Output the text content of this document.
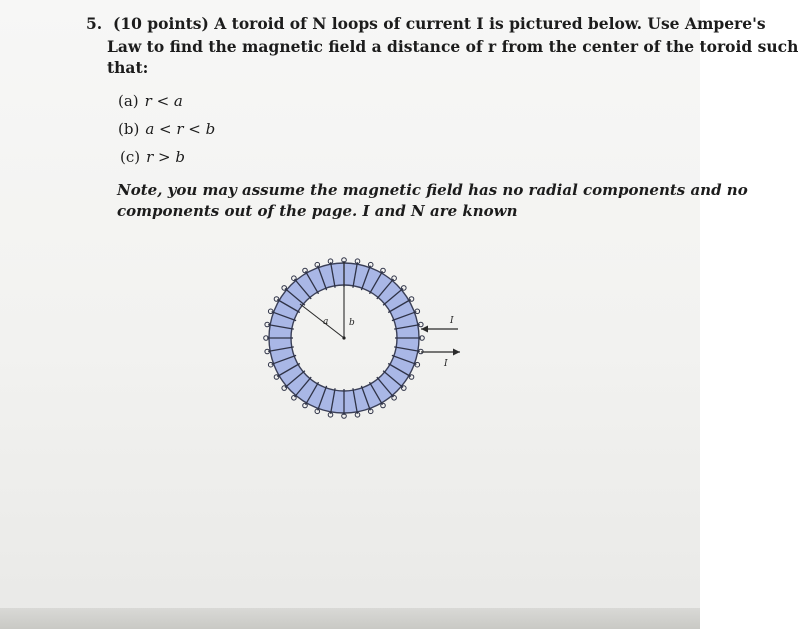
5. (10 points) A toroid of N loops of current I is pictured below. Use Ampere's
Law to find the magnetic field a distance of r from the center of the toroid such
that:
(a) r < a
(b) a < r < b
(c) r > b
Note, you may assume the magnetic field has no radial components and no
components out of the page. I and N are known
a b	I
I
